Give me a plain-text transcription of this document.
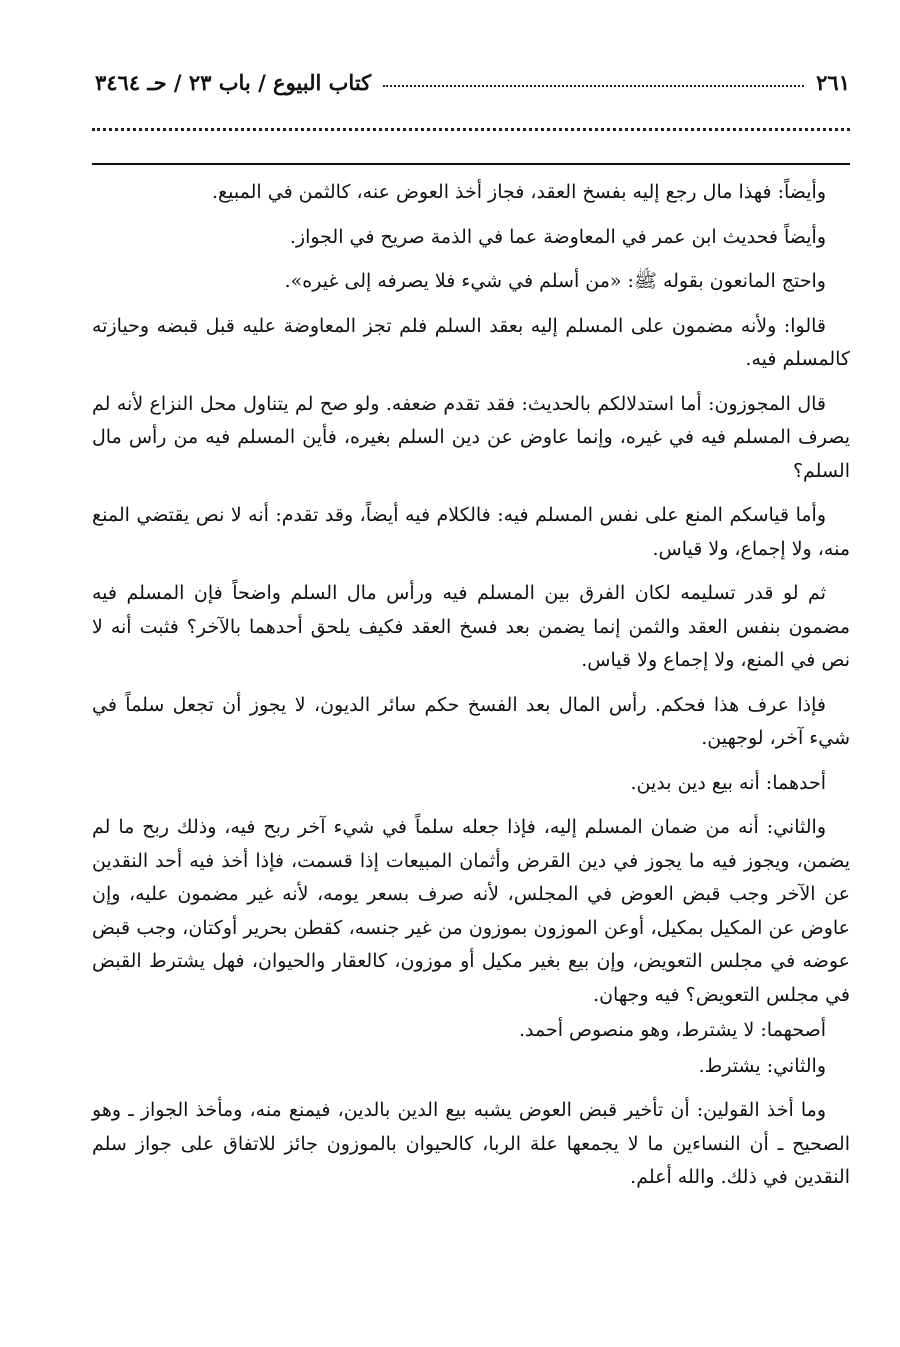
كتاب البيوع / باب ٢٣ / حـ ٣٤٦٤	٢٦١

وأيضاً: فهذا مال رجع إليه بفسخ العقد، فجاز أخذ العوض عنه، كالثمن في المبيع.

وأيضاً فحديث ابن عمر في المعاوضة عما في الذمة صريح في الجواز.

واحتج المانعون بقوله ﷺ: «من أسلم في شيء فلا يصرفه إلى غيره».

قالوا: ولأنه مضمون على المسلم إليه بعقد السلم فلم تجز المعاوضة عليه قبل قبضه وحيازته كالمسلم فيه.

قال المجوزون: أما استدلالكم بالحديث: فقد تقدم ضعفه. ولو صح لم يتناول محل النزاع لأنه لم يصرف المسلم فيه في غيره، وإنما عاوض عن دين السلم بغيره، فأين المسلم فيه من رأس مال السلم؟

وأما قياسكم المنع على نفس المسلم فيه: فالكلام فيه أيضاً، وقد تقدم: أنه لا نص يقتضي المنع منه، ولا إجماع، ولا قياس.

ثم لو قدر تسليمه لكان الفرق بين المسلم فيه ورأس مال السلم واضحاً فإن المسلم فيه مضمون بنفس العقد والثمن إنما يضمن بعد فسخ العقد فكيف يلحق أحدهما بالآخر؟ فثبت أنه لا نص في المنع، ولا إجماع ولا قياس.

فإذا عرف هذا فحكم. رأس المال بعد الفسخ حكم سائر الديون، لا يجوز أن تجعل سلماً في شيء آخر، لوجهين.

أحدهما: أنه بيع دين بدين.

والثاني: أنه من ضمان المسلم إليه، فإذا جعله سلماً في شيء آخر ربح فيه، وذلك ربح ما لم يضمن، ويجوز فيه ما يجوز في دين القرض وأثمان المبيعات إذا قسمت، فإذا أخذ فيه أحد النقدين عن الآخر وجب قبض العوض في المجلس، لأنه صرف بسعر يومه، لأنه غير مضمون عليه، وإن عاوض عن المكيل بمكيل، أوعن الموزون بموزون من غير جنسه، كقطن بحرير أوكتان، وجب قبض عوضه في مجلس التعويض، وإن بيع بغير مكيل أو موزون، كالعقار والحيوان، فهل يشترط القبض في مجلس التعويض؟ فيه وجهان.

أصحهما: لا يشترط، وهو منصوص أحمد.

والثاني: يشترط.

وما أخذ القولين: أن تأخير قبض العوض يشبه بيع الدين بالدين، فيمنع منه، ومأخذ الجواز ـ وهو الصحيح ـ أن النساءين ما لا يجمعها علة الربا، كالحيوان بالموزون جائز للاتفاق على جواز سلم النقدين في ذلك. والله أعلم.
